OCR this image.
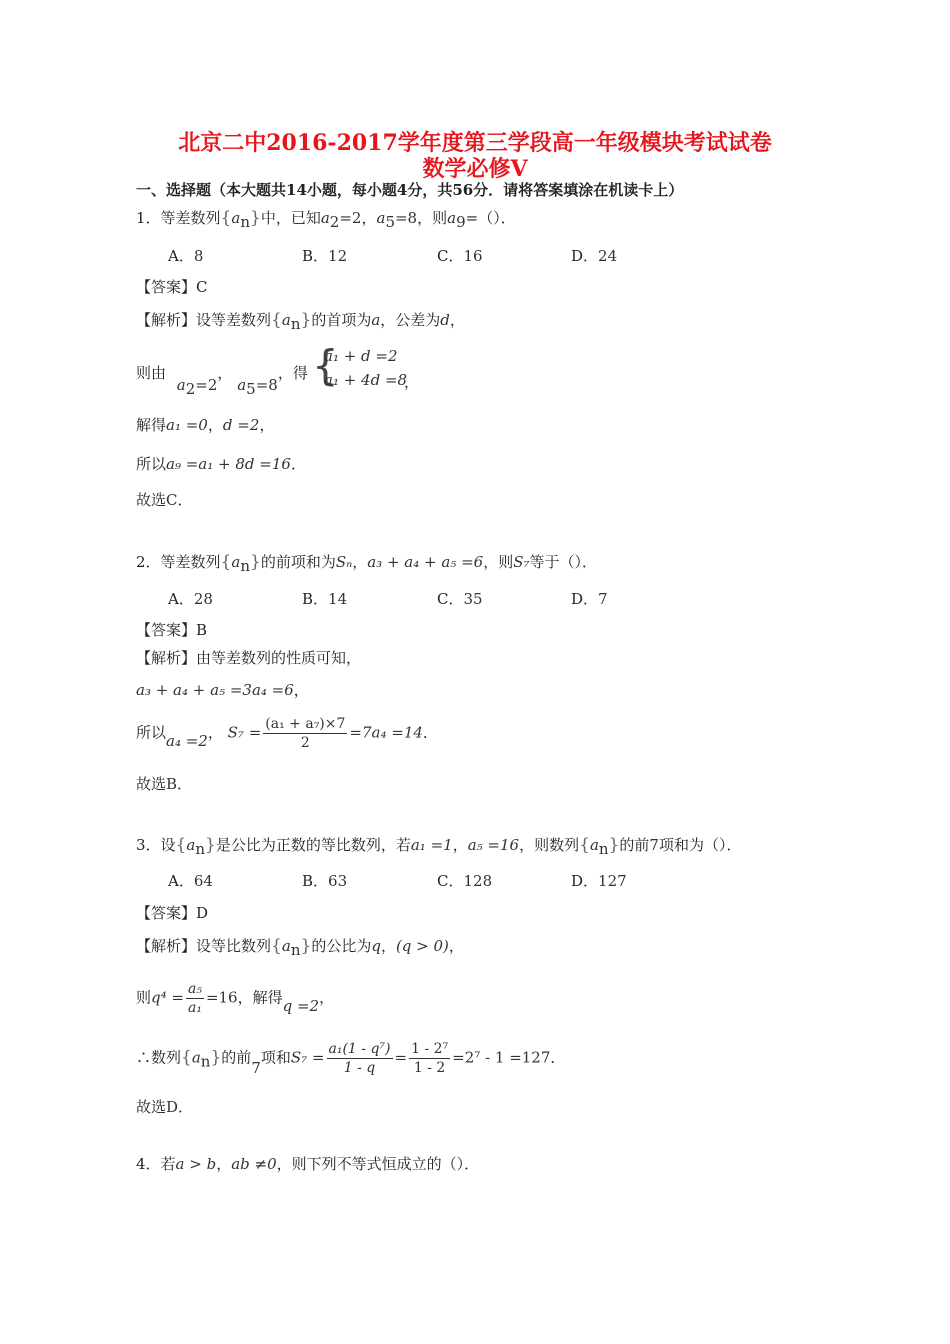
北京二中2016-2017学年度第三学段高一年级模块考试试卷
数学必修V
一、选择题（本大题共14小题，每小题4分，共56分．请将答案填涂在机读卡上）
1．等差数列$\{a_n\}$中，已知$a_2=2$，$a_5=8$，则$a_9=()$．
A．8	B．12	C．16	D．24
【答案】C
【解析】设等差数列$\{a_n\}$的首项为a，公差为d，
则由 $a_2=2$， $a_5=8$，得 {
a₁ + d =2
a₁ + 4d =8
，
解得a₁ =0，d =2，
所以a₉ =a₁ + 8d =16．
故选C．
2．等差数列$\{a_n\}$的前项和为Sₙ，a₃ + a₄ + a₅ =6，则S₇等于（）．
A．28	B．14	C．35	D．7
【答案】B
【解析】由等差数列的性质可知，
a₃ + a₄ + a₅ =3a₄ =6，
所以a₄ =2， $S_7 = \frac{\text{(a₁ + a₇)×7}}{2} =7a_4 =14$．
故选B．
3．设$\{a_n\}$是公比为正数的等比数列，若a₁ =1，a₅ =16，则数列$\{a_n\}$的前7项和为（）．
A．64	B．63	C．128	D．127
【答案】D
【解析】设等比数列$\{a_n\}$的公比为q，(q > 0)，
则$q^4 = \frac{\text{a₅}}{\text{a₁}} =16$，解得q =2，
∴数列$\{a_n\}$的前7项和$S_7 = \frac{\text{a₁(1 - q⁷)}}{1 - q} = \frac{\text{1 - 2⁷}}{1 - 2} =2^7 - 1 =127$．
故选D．
4．若a > b，ab ≠0，则下列不等式恒成立的（）．
